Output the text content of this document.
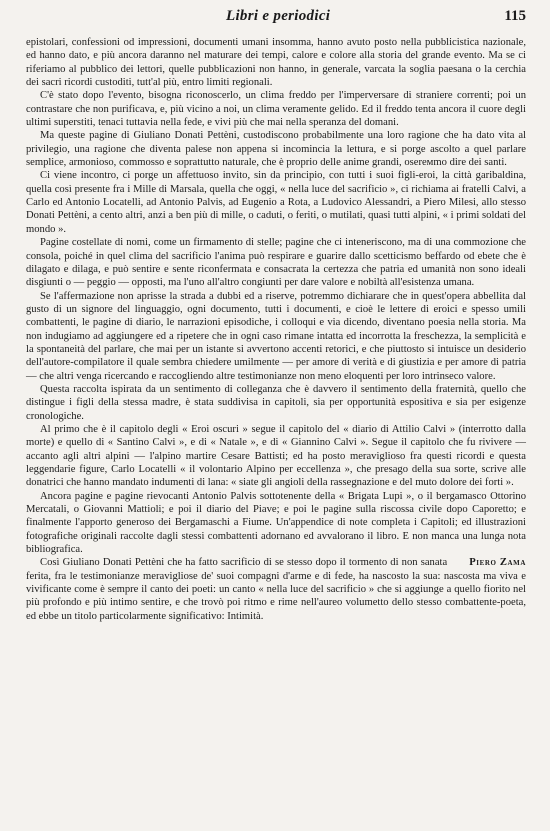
Libri e periodici	115

epistolari, confessioni od impressioni, documenti umani insomma, hanno avuto posto nella pubblicistica nazionale, ed hanno dato, e più ancora daranno nel maturare dei tempi, calore e colore alla storia del grande evento. Ma se ci riferiamo al pubblico dei lettori, quelle pubblicazioni non hanno, in generale, varcata la soglia paesana o la cerchia dei sacri ricordi custoditi, tutt'al più, entro limiti regionali.

C'è stato dopo l'evento, bisogna riconoscerlo, un clima freddo per l'imperversare di straniere correnti; poi un contrastare che non purificava, e, più vicino a noi, un clima veramente gelido. Ed il freddo tenta ancora il cuore degli ultimi superstiti, tenaci tuttavia nella fede, e vivi più che mai nella speranza del domani.

Ma queste pagine di Giuliano Donati Pettèni, custodiscono probabilmente una loro ragione che ha dato vita al privilegio, una ragione che diventa palese non appena si incomincia la lettura, e si porge ascolto a quel parlare semplice, armonioso, commosso e soprattutto naturale, che è proprio delle anime grandi, osereмmo dire dei santi.

Ci viene incontro, ci porge un affettuoso invito, sin da principio, con tutti i suoi figli-eroi, la città garibaldina, quella così presente fra i Mille di Marsala, quella che oggi, « nella luce del sacrificio », ci richiama ai fratelli Calvi, a Carlo ed Antonio Locatelli, ad Antonio Palvis, ad Eugenio a Rota, a Ludovico Alessandri, a Piero Milesi, allo stesso Donati Pettèni, a cento altri, anzi a ben più di mille, o caduti, o feriti, o mutilati, quasi tutti alpini, « i primi soldati del mondo ».

Pagine costellate di nomi, come un firmamento di stelle; pagine che ci inteneriscono, ma di una commozione che consola, poiché in quel clima del sacrificio l'anima può respirare e guarire dallo scetticismo beffardo od ebete che è dilagato e dilaga, e può sentire e sente riconfermata e consacrata la certezza che patria ed umanità non sono ideali disgiunti o — peggio — opposti, ma l'uno all'altro congiunti per dare valore e nobiltà all'esistenza umana.

Se l'affermazione non aprisse la strada a dubbi ed a riserve, potremmo dichiarare che in quest'opera abbellita dal gusto di un signore del linguaggio, ogni documento, tutti i documenti, e cioè le lettere di eroici e spesso umili combattenti, le pagine di diario, le narrazioni episodiche, i colloqui e via dicendo, diventano poesia nella storia. Ma non indugiamo ad aggiungere ed a ripetere che in ogni caso rimane intatta ed incorrotta la freschezza, la semplicità e la spontaneità del parlare, che mai per un istante si avvertono accenti retorici, e che piuttosto si intuisce un desiderio dell'autore-compilatore il quale sembra chiedere umilmente — per amore di verità e di giustizia e per amore di patria — che altri venga ricercando e raccogliendo altre testimonianze non meno eloquenti per loro intrinseco valore.

Questa raccolta ispirata da un sentimento di colleganza che è davvero il sentimento della fraternità, quello che distingue i figli della stessa madre, è stata suddivisa in capitoli, sia per opportunità espositiva e sia per esigenze cronologiche.

Al primo che è il capitolo degli « Eroi oscuri » segue il capitolo del « diario di Attilio Calvi » (interrotto dalla morte) e quello di « Santino Calvi », e di « Natale », e di « Giannino Calvi ». Segue il capitolo che fu rivivere — accanto agli altri alpini — l'alpino martire Cesare Battisti; ed ha posto meraviglioso fra questi ricordi e questa leggendarie figure, Carlo Locatelli « il volontario Alpino per eccellenza », che presago della sua sorte, scrive alle donatrici che hanno mandato indumenti di lana: « siate gli angioli della rassegnazione e del muto dolore dei forti ».

Ancora pagine e pagine rievocanti Antonio Palvis sottotenente della « Brigata Lupi », o il bergamasco Ottorino Mercatali, o Giovanni Mattioli; e poi il diario del Piave; e poi le pagine sulla riscossa civile dopo Caporetto; e finalmente l'apporto generoso dei Bergamaschi a Fiume. Un'appendice di note completa i Capitoli; ed illustrazioni fotografiche originali raccolte dagli stessi combattenti adornano ed avvalorano il libro. E non manca una lunga nota bibliografica.

Piero Zama
Così Giuliano Donati Pettèni che ha fatto sacrificio di se stesso dopo il tormento di non sanata ferita, fra le testimonianze meravigliose de' suoi compagni d'arme e di fede, ha nascosto la sua: nascosta ma viva e vivificante come è sempre il canto dei poeti: un canto « nella luce del sacrificio » che si aggiunge a quello fiorito nel più profondo e più intimo sentire, e che trovò poi ritmo e rime nell'aureo volumetto dello stesso combattente-poeta, ed ebbe un titolo particolarmente significativo: Intimità.
